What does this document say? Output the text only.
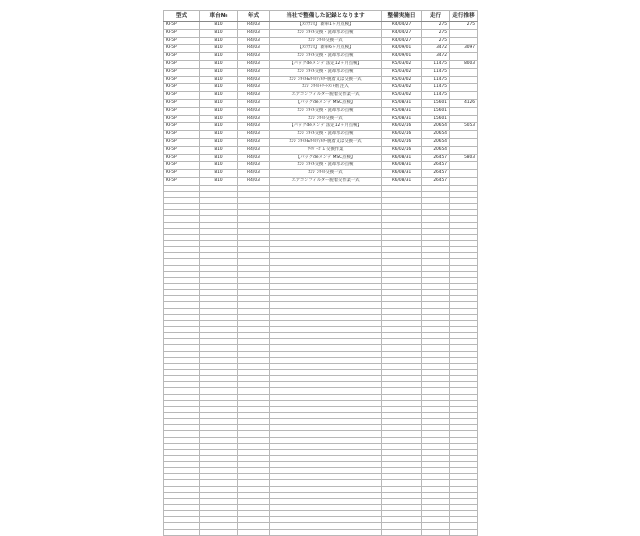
型式	車台№	年式	当社で整備した記録となります	整備実施日	走行	走行推移
KF5P	810	R4/03	【ﾒﾝﾃﾅﾝｽ】 新車1ヶ月点検】	R4/04/27	275	275
KF5P	810	R4/03	ｴﾝｼﾞﾝｵｲﾙ交換・洗却水の点検	R4/04/27	275	
KF5P	810	R4/03	ｴﾝｼﾞﾝｵｲﾙ交換一式	R4/04/27	275	
KF5P	810	R4/03	【ﾒﾝﾃﾅﾝｽ】 新車6ヶ月点検】	R4/09/01	3472	3097
KF5P	810	R4/03	ｴﾝｼﾞﾝｵｲﾙ交換・洗却水の点検	R4/09/01	3472	
KF5P	810	R4/03	【パックdeメンテ 法定12ヶ月点検】	R5/03/02	11475	8003
KF5P	810	R4/03	ｴﾝｼﾞﾝｵｲﾙ交換・洗却水の点検	R5/03/02	11475	
KF5P	810	R4/03	ｴﾝｼﾞﾝｵｲﾙ&ｵｲﾙﾌｨﾙﾀｰ脱着又は交換一式	R5/03/02	11475	
KF5P	810	R4/03	ｴﾝｼﾞﾝｵｲﾙﾄﾘｰﾄﾒﾝﾄ剤 注入	R5/03/02	11475	
KF5P	810	R4/03	エアコンフィルター脱着交作業一式	R5/03/02	11475	
KF5P	810	R4/03	【パックdeメンテ MSC点検】	R5/08/31	15601	4126
KF5P	810	R4/03	ｴﾝｼﾞﾝｵｲﾙ交換・洗却水の点検	R5/08/31	15601	
KF5P	810	R4/03	ｴﾝｼﾞﾝｵｲﾙ交換一式	R5/08/31	15601	
KF5P	810	R4/03	【パックdeメンテ 法定12ヶ月点検】	R6/02/16	20654	5053
KF5P	810	R4/03	ｴﾝｼﾞﾝｵｲﾙ交換・洗却水の点検	R6/02/16	20654	
KF5P	810	R4/03	ｴﾝｼﾞﾝｵｲﾙ&ｵｲﾙﾌｨﾙﾀｰ脱着又は交換一式	R6/02/16	20654	
KF5P	810	R4/03	ﾜｲﾊﾟｰｺﾞﾑ 交換作業	R6/02/16	20654	
KF5P	810	R4/03	【パックdeメンテ MSC点検】	R6/08/31	26457	5803
KF5P	810	R4/03	ｴﾝｼﾞﾝｵｲﾙ交換・洗却水の点検	R6/08/31	26457	
KF5P	810	R4/03	ｴﾝｼﾞﾝｵｲﾙ交換一式	R6/08/31	26457	
KF5P	810	R4/03	エアコンフィルター脱着交作業一式	R6/08/31	26457	
